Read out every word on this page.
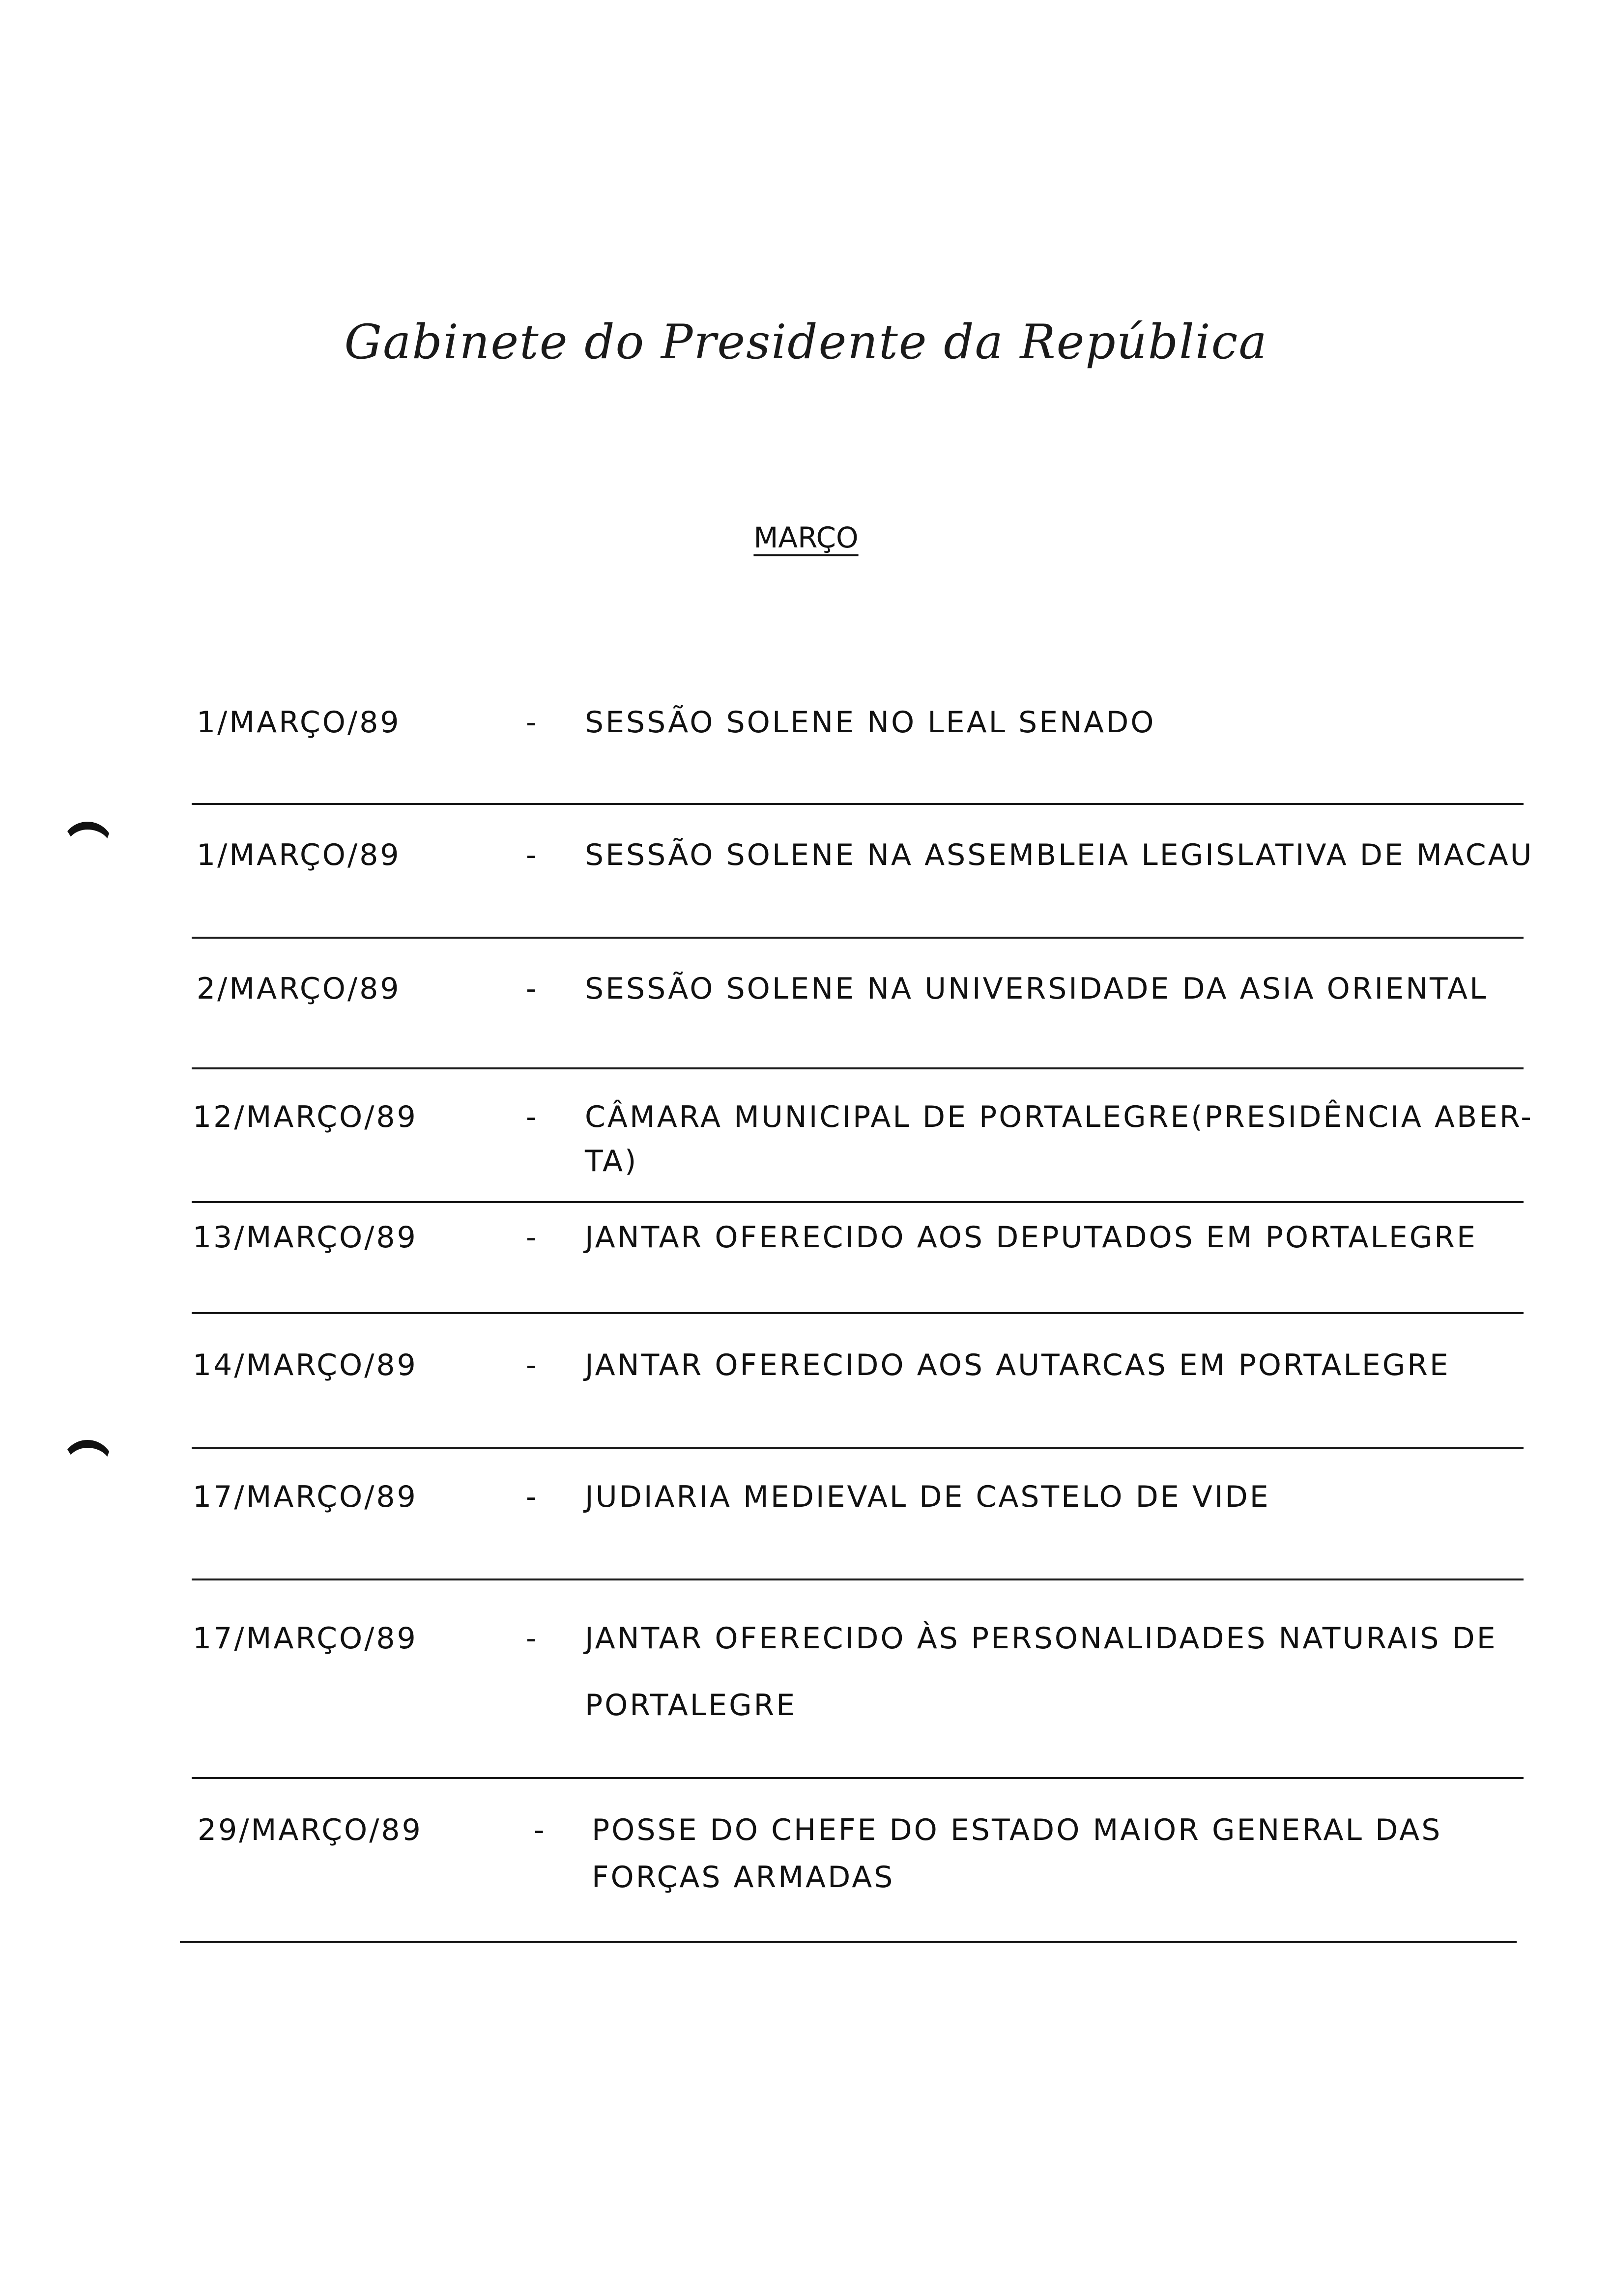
Gabinete do Presidente da República
MARÇO
1/MARÇO/89	- SESSÃO SOLENE NO LEAL SENADO
1/MARÇO/89	- SESSÃO SOLENE NA ASSEMBLEIA LEGISLATIVA DE MACAU
2/MARÇO/89	- SESSÃO SOLENE NA UNIVERSIDADE DA ASIA ORIENTAL
12/MARÇO/89	- CÂMARA MUNICIPAL DE PORTALEGRE(PRESIDÊNCIA ABER-
TA)
13/MARÇO/89	- JANTAR OFERECIDO AOS DEPUTADOS EM PORTALEGRE
14/MARÇO/89	- JANTAR OFERECIDO AOS AUTARCAS EM PORTALEGRE
17/MARÇO/89	- JUDIARIA MEDIEVAL DE CASTELO DE VIDE
17/MARÇO/89	- JANTAR OFERECIDO ÀS PERSONALIDADES NATURAIS DE
PORTALEGRE
29/MARÇO/89	- POSSE DO CHEFE DO ESTADO MAIOR GENERAL DAS
FORÇAS ARMADAS
